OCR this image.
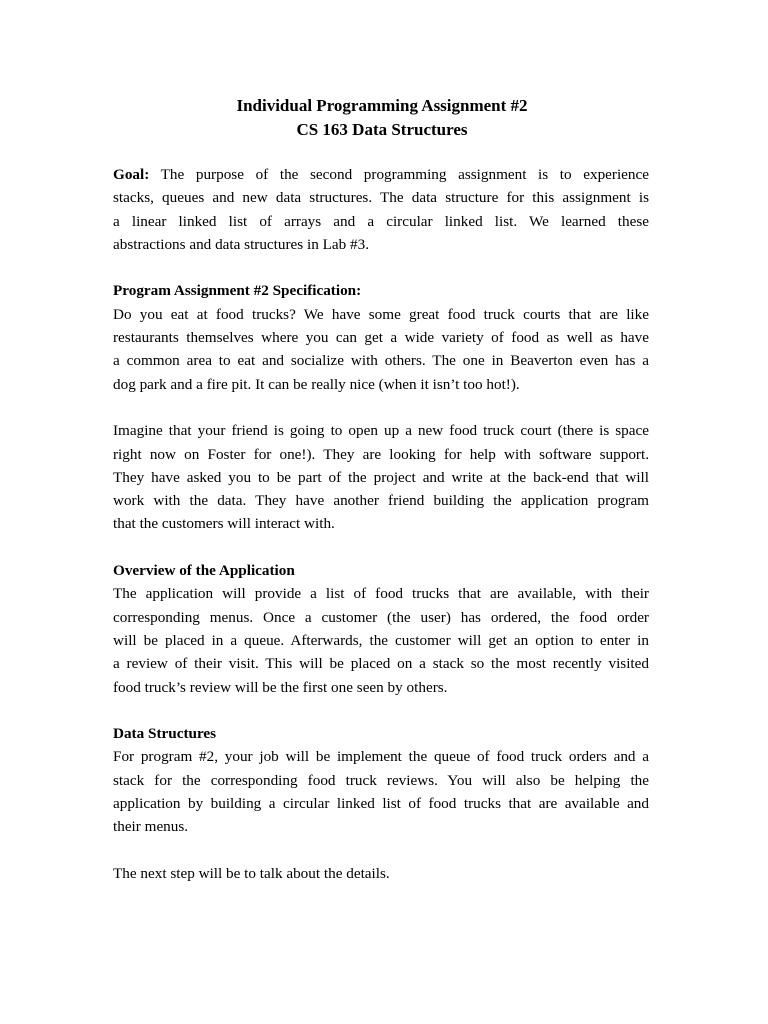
Individual Programming Assignment #2
CS 163 Data Structures
Goal: The purpose of the second programming assignment is to experience
stacks, queues and new data structures. The data structure for this assignment is
a linear linked list of arrays and a circular linked list. We learned these
abstractions and data structures in Lab #3.
Program Assignment #2 Specification:
Do you eat at food trucks? We have some great food truck courts that are like
restaurants themselves where you can get a wide variety of food as well as have
a common area to eat and socialize with others. The one in Beaverton even has a
dog park and a fire pit. It can be really nice (when it isn’t too hot!).
Imagine that your friend is going to open up a new food truck court (there is space
right now on Foster for one!). They are looking for help with software support.
They have asked you to be part of the project and write at the back-end that will
work with the data. They have another friend building the application program
that the customers will interact with.
Overview of the Application
The application will provide a list of food trucks that are available, with their
corresponding menus. Once a customer (the user) has ordered, the food order
will be placed in a queue. Afterwards, the customer will get an option to enter in
a review of their visit. This will be placed on a stack so the most recently visited
food truck’s review will be the first one seen by others.
Data Structures
For program #2, your job will be implement the queue of food truck orders and a
stack for the corresponding food truck reviews. You will also be helping the
application by building a circular linked list of food trucks that are available and
their menus.
The next step will be to talk about the details.
